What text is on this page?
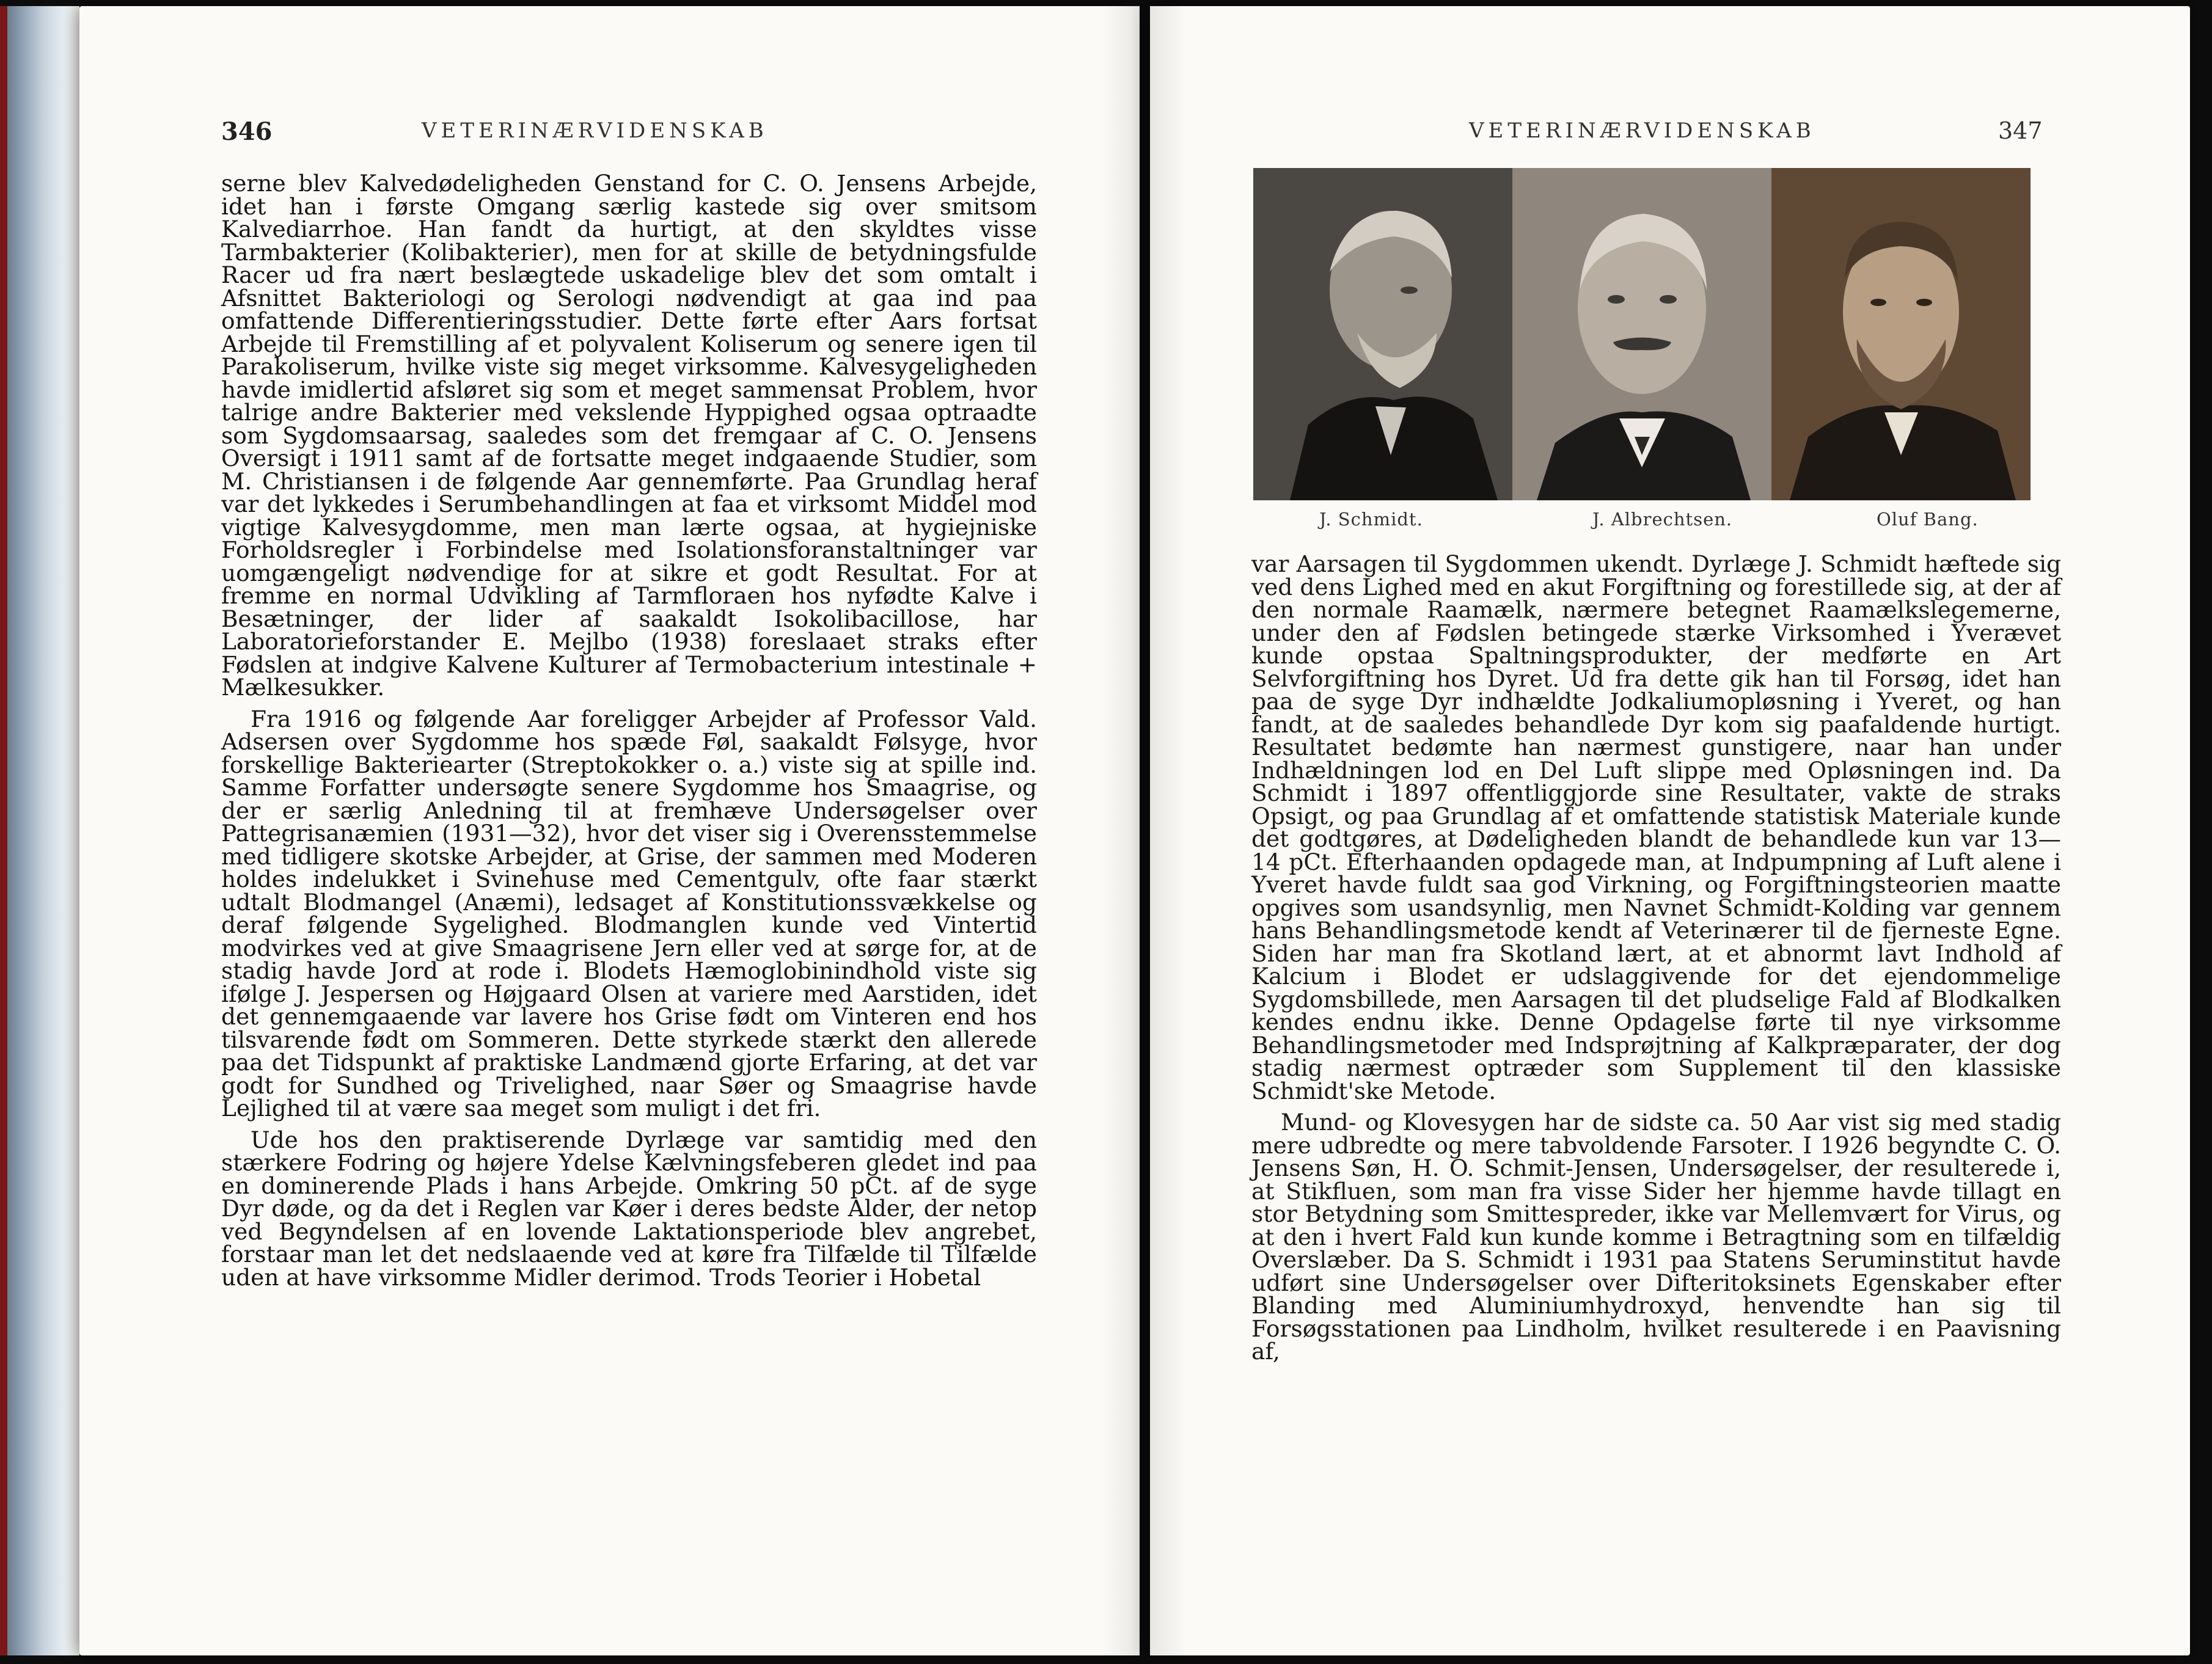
346	VETERINÆRVIDENSKAB

serne blev Kalvedødeligheden Genstand for C. O. Jensens Arbejde, idet han i første Omgang særlig kastede sig over smitsom Kalvediarrhoe. Han fandt da hurtigt, at den skyldtes visse Tarmbakterier (Kolibakterier), men for at skille de betydningsfulde Racer ud fra nært beslægtede uskadelige blev det som omtalt i Afsnittet Bakteriologi og Serologi nødvendigt at gaa ind paa omfattende Differentieringsstudier. Dette førte efter Aars fortsat Arbejde til Fremstilling af et polyvalent Koliserum og senere igen til Parakoliserum, hvilke viste sig meget virksomme. Kalvesygeligheden havde imidlertid afsløret sig som et meget sammensat Problem, hvor talrige andre Bakterier med vekslende Hyppighed ogsaa optraadte som Sygdomsaarsag, saaledes som det fremgaar af C. O. Jensens Oversigt i 1911 samt af de fortsatte meget indgaaende Studier, som M. Christiansen i de følgende Aar gennemførte. Paa Grundlag heraf var det lykkedes i Serumbehandlingen at faa et virksomt Middel mod vigtige Kalvesygdomme, men man lærte ogsaa, at hygiejniske Forholdsregler i Forbindelse med Isolationsforanstaltninger var uomgængeligt nødvendige for at sikre et godt Resultat. For at fremme en normal Udvikling af Tarmfloraen hos nyfødte Kalve i Besætninger, der lider af saakaldt Isokolibacillose, har Laboratorieforstander E. Mejlbo (1938) foreslaaet straks efter Fødslen at indgive Kalvene Kulturer af Termobacterium intestinale + Mælkesukker.

Fra 1916 og følgende Aar foreligger Arbejder af Professor Vald. Adsersen over Sygdomme hos spæde Føl, saakaldt Følsyge, hvor forskellige Bakteriearter (Streptokokker o. a.) viste sig at spille ind. Samme Forfatter undersøgte senere Sygdomme hos Smaagrise, og der er særlig Anledning til at fremhæve Undersøgelser over Pattegrisanæmien (1931—32), hvor det viser sig i Overensstemmelse med tidligere skotske Arbejder, at Grise, der sammen med Moderen holdes indelukket i Svinehuse med Cementgulv, ofte faar stærkt udtalt Blodmangel (Anæmi), ledsaget af Konstitutionssvækkelse og deraf følgende Sygelighed. Blodmanglen kunde ved Vintertid modvirkes ved at give Smaagrisene Jern eller ved at sørge for, at de stadig havde Jord at rode i. Blodets Hæmoglobinindhold viste sig ifølge J. Jespersen og Højgaard Olsen at variere med Aarstiden, idet det gennemgaaende var lavere hos Grise født om Vinteren end hos tilsvarende født om Sommeren. Dette styrkede stærkt den allerede paa det Tidspunkt af praktiske Landmænd gjorte Erfaring, at det var godt for Sundhed og Trivelighed, naar Søer og Smaagrise havde Lejlighed til at være saa meget som muligt i det fri.

Ude hos den praktiserende Dyrlæge var samtidig med den stærkere Fodring og højere Ydelse Kælvningsfeberen gledet ind paa en dominerende Plads i hans Arbejde. Omkring 50 pCt. af de syge Dyr døde, og da det i Reglen var Køer i deres bedste Alder, der netop ved Begyndelsen af en lovende Laktationsperiode blev angrebet, forstaar man let det nedslaaende ved at køre fra Tilfælde til Tilfælde uden at have virksomme Midler derimod. Trods Teorier i Hobetal

VETERINÆRVIDENSKAB	347
J. Schmidt.	J. Albrechtsen.	Oluf Bang.

var Aarsagen til Sygdommen ukendt. Dyrlæge J. Schmidt hæftede sig ved dens Lighed med en akut Forgiftning og forestillede sig, at der af den normale Raamælk, nærmere betegnet Raamælkslegemerne, under den af Fødslen betingede stærke Virksomhed i Yverævet kunde opstaa Spaltningsprodukter, der medførte en Art Selvforgiftning hos Dyret. Ud fra dette gik han til Forsøg, idet han paa de syge Dyr indhældte Jodkaliumopløsning i Yveret, og han fandt, at de saaledes behandlede Dyr kom sig paafaldende hurtigt. Resultatet bedømte han nærmest gunstigere, naar han under Indhældningen lod en Del Luft slippe med Opløsningen ind. Da Schmidt i 1897 offentliggjorde sine Resultater, vakte de straks Opsigt, og paa Grundlag af et omfattende statistisk Materiale kunde det godtgøres, at Dødeligheden blandt de behandlede kun var 13—14 pCt. Efterhaanden opdagede man, at Indpumpning af Luft alene i Yveret havde fuldt saa god Virkning, og Forgiftningsteorien maatte opgives som usandsynlig, men Navnet Schmidt-Kolding var gennem hans Behandlingsmetode kendt af Veterinærer til de fjerneste Egne. Siden har man fra Skotland lært, at et abnormt lavt Indhold af Kalcium i Blodet er udslaggivende for det ejendommelige Sygdomsbillede, men Aarsagen til det pludselige Fald af Blodkalken kendes endnu ikke. Denne Opdagelse førte til nye virksomme Behandlingsmetoder med Indsprøjtning af Kalkpræparater, der dog stadig nærmest optræder som Supplement til den klassiske Schmidt'ske Metode.

Mund- og Klovesygen har de sidste ca. 50 Aar vist sig med stadig mere udbredte og mere tabvoldende Farsoter. I 1926 begyndte C. O. Jensens Søn, H. O. Schmit-Jensen, Undersøgelser, der resulterede i, at Stikfluen, som man fra visse Sider her hjemme havde tillagt en stor Betydning som Smittespreder, ikke var Mellemvært for Virus, og at den i hvert Fald kun kunde komme i Betragtning som en tilfældig Overslæber. Da S. Schmidt i 1931 paa Statens Seruminstitut havde udført sine Undersøgelser over Difteritoksinets Egenskaber efter Blanding med Aluminiumhydroxyd, henvendte han sig til Forsøgsstationen paa Lindholm, hvilket resulterede i en Paavisning af,
